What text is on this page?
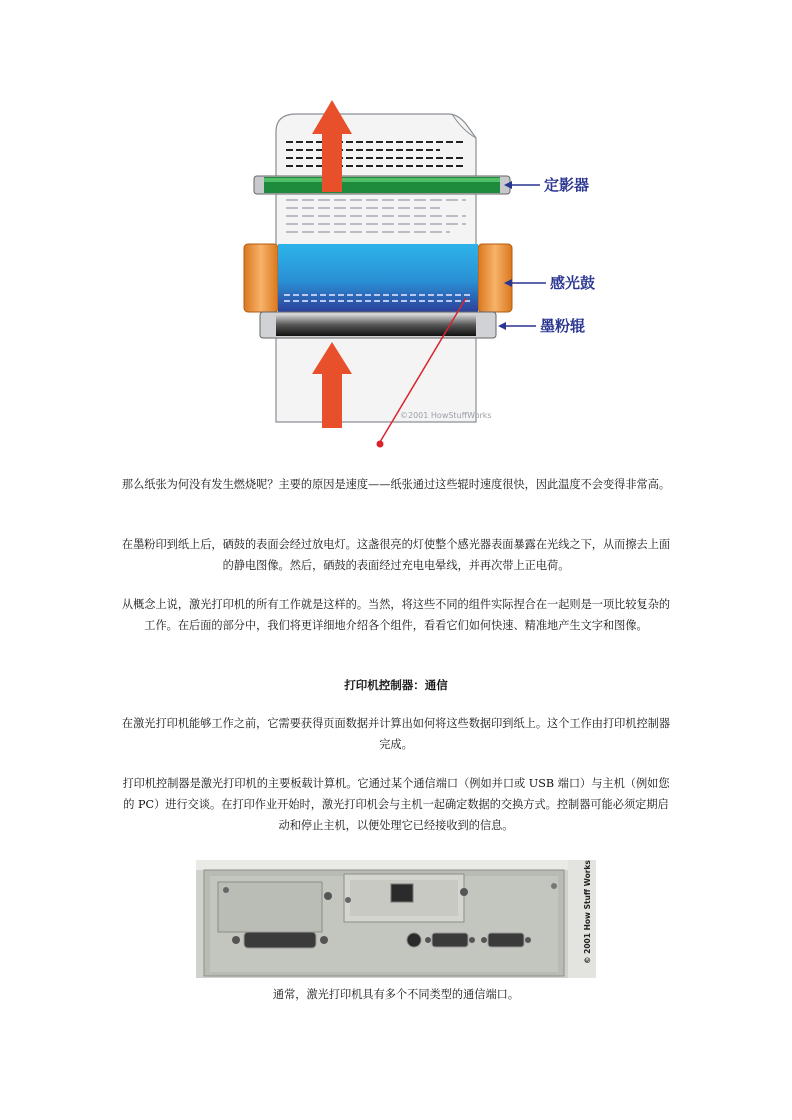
定影器
感光鼓
墨粉辊
©2001 HowStuffWorks

那么纸张为何没有发生燃烧呢？主要的原因是速度——纸张通过这些辊时速度很快，因此温度不会变得非常高。

在墨粉印到纸上后，硒鼓的表面会经过放电灯。这盏很亮的灯使整个感光器表面暴露在光线之下，从而擦去上面的静电图像。然后，硒鼓的表面经过充电电晕线，并再次带上正电荷。

从概念上说，激光打印机的所有工作就是这样的。当然，将这些不同的组件实际捏合在一起则是一项比较复杂的工作。在后面的部分中，我们将更详细地介绍各个组件，看看它们如何快速、精准地产生文字和图像。

打印机控制器：通信

在激光打印机能够工作之前，它需要获得页面数据并计算出如何将这些数据印到纸上。这个工作由打印机控制器完成。

打印机控制器是激光打印机的主要板载计算机。它通过某个通信端口（例如并口或 USB 端口）与主机（例如您的 PC）进行交谈。在打印作业开始时，激光打印机会与主机一起确定数据的交换方式。控制器可能必须定期启动和停止主机，以便处理它已经接收到的信息。

© 2001 How Stuff Works

通常，激光打印机具有多个不同类型的通信端口。
